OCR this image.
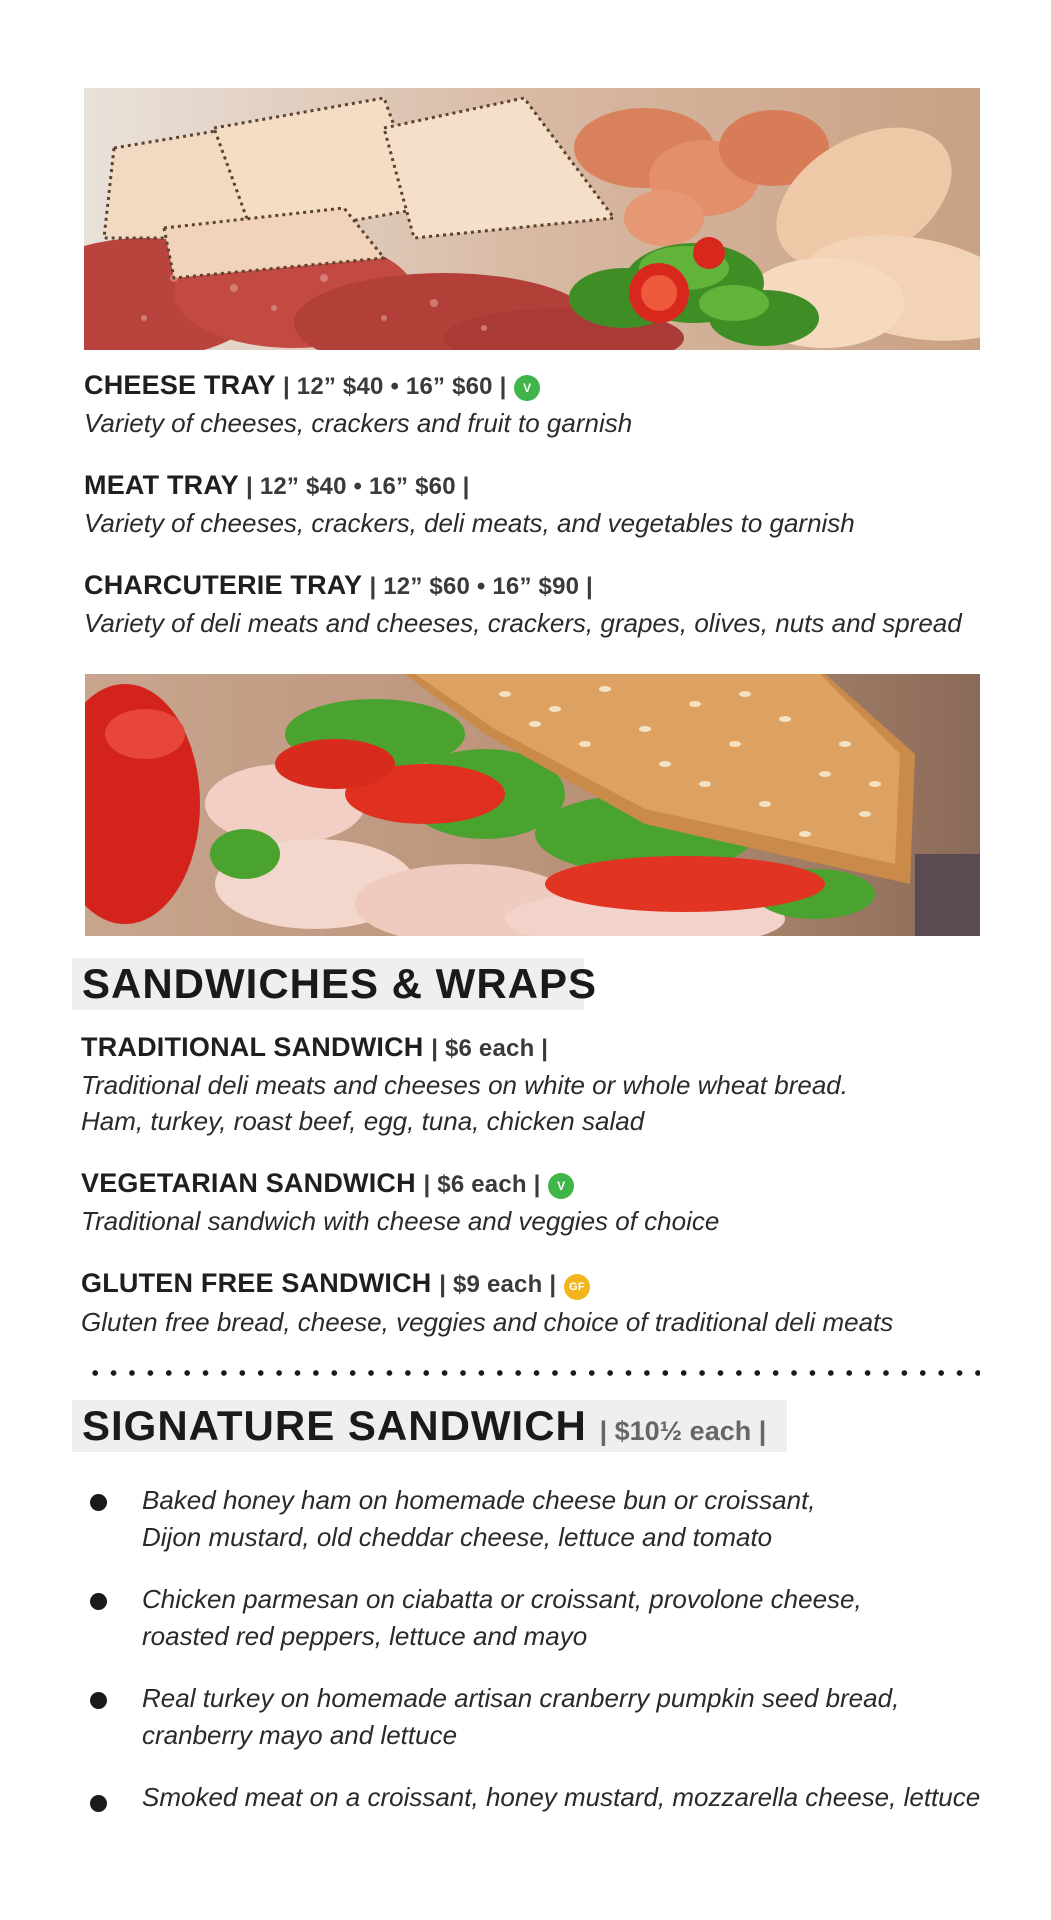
CHEESE TRAY | 12” $40 • 16” $60 | V
Variety of cheeses, crackers and fruit to garnish
MEAT TRAY | 12” $40 • 16” $60 |
Variety of cheeses, crackers, deli meats, and vegetables to garnish
CHARCUTERIE TRAY | 12” $60 • 16” $90 |
Variety of deli meats and cheeses, crackers, grapes, olives, nuts and spread
SANDWICHES & WRAPS
TRADITIONAL SANDWICH | $6 each |
Traditional deli meats and cheeses on white or whole wheat bread.
Ham, turkey, roast beef, egg, tuna, chicken salad
VEGETARIAN SANDWICH | $6 each | V
Traditional sandwich with cheese and veggies of choice
GLUTEN FREE SANDWICH | $9 each | GF
Gluten free bread, cheese, veggies and choice of traditional deli meats
SIGNATURE SANDWICH | $10½ each |
Baked honey ham on homemade cheese bun or croissant,
Dijon mustard, old cheddar cheese, lettuce and tomato
Chicken parmesan on ciabatta or croissant, provolone cheese,
roasted red peppers, lettuce and mayo
Real turkey on homemade artisan cranberry pumpkin seed bread,
cranberry mayo and lettuce
Smoked meat on a croissant, honey mustard, mozzarella cheese, lettuce
